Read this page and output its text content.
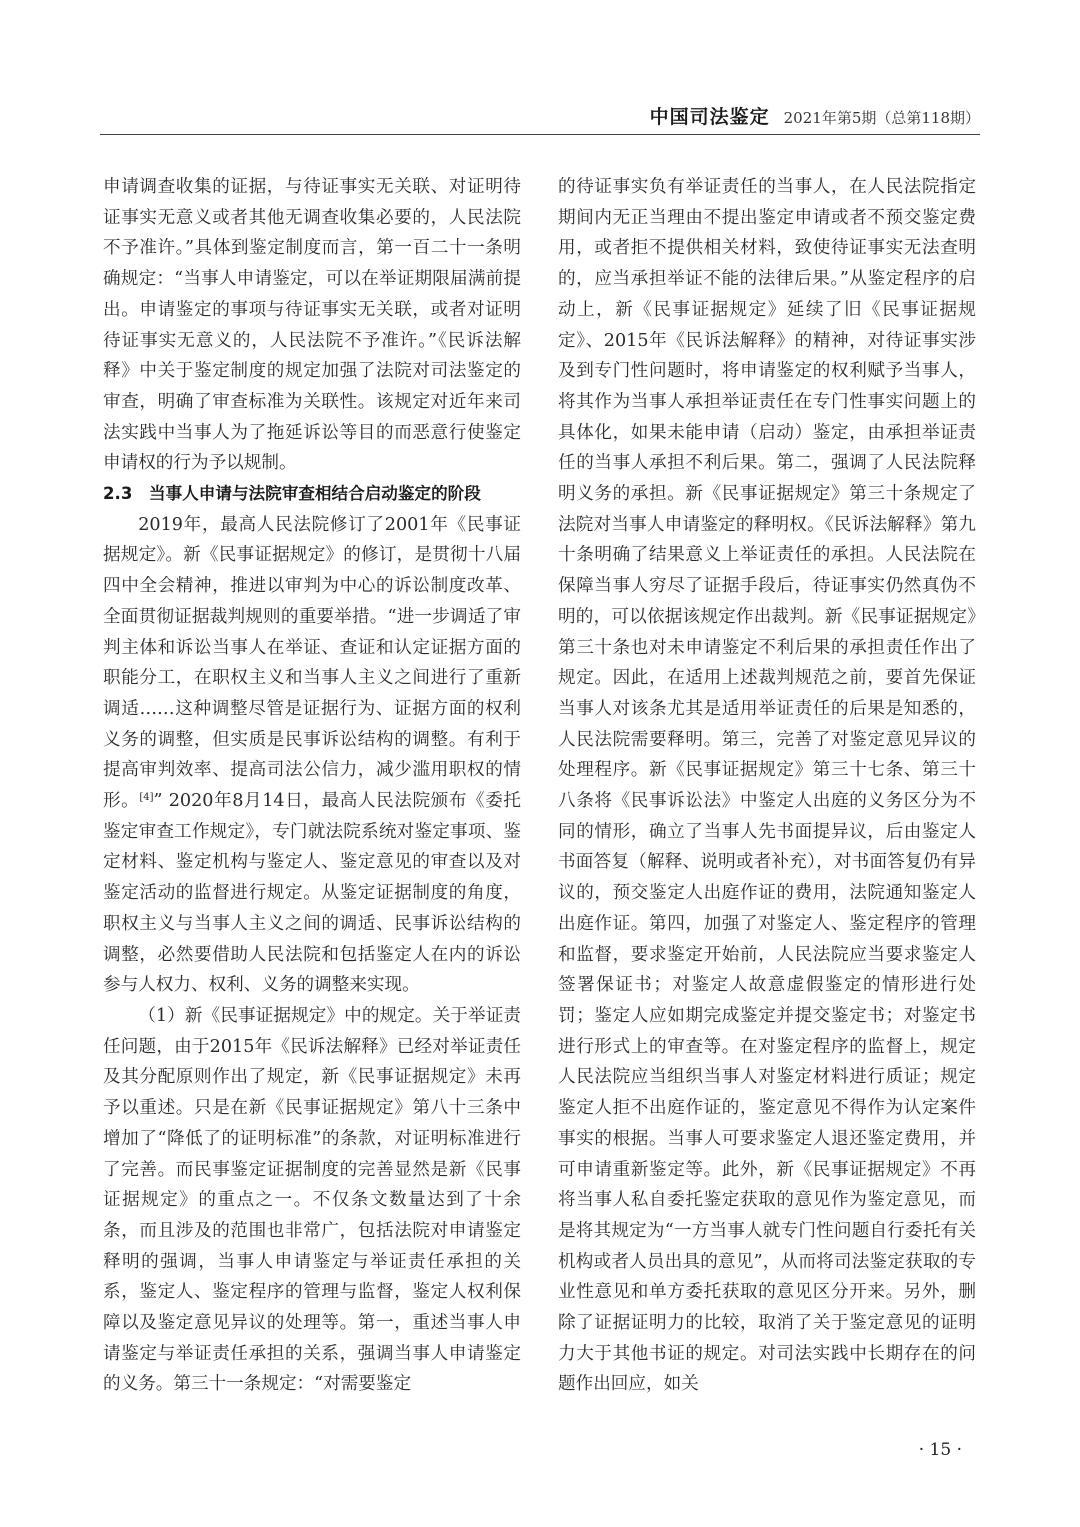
中国司法鉴定 2021年第5期（总第118期）

申请调查收集的证据，与待证事实无关联、对证明待证事实无意义或者其他无调查收集必要的，人民法院不予准许。”具体到鉴定制度而言，第一百二十一条明确规定：“当事人申请鉴定，可以在举证期限届满前提出。申请鉴定的事项与待证事实无关联，或者对证明待证事实无意义的，人民法院不予准许。”《民诉法解释》中关于鉴定制度的规定加强了法院对司法鉴定的审查，明确了审查标准为关联性。该规定对近年来司法实践中当事人为了拖延诉讼等目的而恶意行使鉴定申请权的行为予以规制。

2.3　当事人申请与法院审查相结合启动鉴定的阶段

2019年，最高人民法院修订了2001年《民事证据规定》。新《民事证据规定》的修订，是贯彻十八届四中全会精神，推进以审判为中心的诉讼制度改革、全面贯彻证据裁判规则的重要举措。“进一步调适了审判主体和诉讼当事人在举证、查证和认定证据方面的职能分工，在职权主义和当事人主义之间进行了重新调适……这种调整尽管是证据行为、证据方面的权利义务的调整，但实质是民事诉讼结构的调整。有利于提高审判效率、提高司法公信力，减少滥用职权的情形。[4]” 2020年8月14日，最高人民法院颁布《委托鉴定审查工作规定》，专门就法院系统对鉴定事项、鉴定材料、鉴定机构与鉴定人、鉴定意见的审查以及对鉴定活动的监督进行规定。从鉴定证据制度的角度，职权主义与当事人主义之间的调适、民事诉讼结构的调整，必然要借助人民法院和包括鉴定人在内的诉讼参与人权力、权利、义务的调整来实现。

（1）新《民事证据规定》中的规定。关于举证责任问题，由于2015年《民诉法解释》已经对举证责任及其分配原则作出了规定，新《民事证据规定》未再予以重述。只是在新《民事证据规定》第八十三条中增加了“降低了的证明标准”的条款，对证明标准进行了完善。而民事鉴定证据制度的完善显然是新《民事证据规定》的重点之一。不仅条文数量达到了十余条，而且涉及的范围也非常广，包括法院对申请鉴定释明的强调，当事人申请鉴定与举证责任承担的关系，鉴定人、鉴定程序的管理与监督，鉴定人权利保障以及鉴定意见异议的处理等。第一，重述当事人申请鉴定与举证责任承担的关系，强调当事人申请鉴定的义务。第三十一条规定：“对需要鉴定

的待证事实负有举证责任的当事人，在人民法院指定期间内无正当理由不提出鉴定申请或者不预交鉴定费用，或者拒不提供相关材料，致使待证事实无法查明的，应当承担举证不能的法律后果。”从鉴定程序的启动上，新《民事证据规定》延续了旧《民事证据规定》、2015年《民诉法解释》的精神，对待证事实涉及到专门性问题时，将申请鉴定的权利赋予当事人，将其作为当事人承担举证责任在专门性事实问题上的具体化，如果未能申请（启动）鉴定，由承担举证责任的当事人承担不利后果。第二，强调了人民法院释明义务的承担。新《民事证据规定》第三十条规定了法院对当事人申请鉴定的释明权。《民诉法解释》第九十条明确了结果意义上举证责任的承担。人民法院在保障当事人穷尽了证据手段后，待证事实仍然真伪不明的，可以依据该规定作出裁判。新《民事证据规定》第三十条也对未申请鉴定不利后果的承担责任作出了规定。因此，在适用上述裁判规范之前，要首先保证当事人对该条尤其是适用举证责任的后果是知悉的，人民法院需要释明。第三，完善了对鉴定意见异议的处理程序。新《民事证据规定》第三十七条、第三十八条将《民事诉讼法》中鉴定人出庭的义务区分为不同的情形，确立了当事人先书面提异议，后由鉴定人书面答复（解释、说明或者补充），对书面答复仍有异议的，预交鉴定人出庭作证的费用，法院通知鉴定人出庭作证。第四，加强了对鉴定人、鉴定程序的管理和监督，要求鉴定开始前，人民法院应当要求鉴定人签署保证书；对鉴定人故意虚假鉴定的情形进行处罚；鉴定人应如期完成鉴定并提交鉴定书；对鉴定书进行形式上的审查等。在对鉴定程序的监督上，规定人民法院应当组织当事人对鉴定材料进行质证；规定鉴定人拒不出庭作证的，鉴定意见不得作为认定案件事实的根据。当事人可要求鉴定人退还鉴定费用，并可申请重新鉴定等。此外，新《民事证据规定》不再将当事人私自委托鉴定获取的意见作为鉴定意见，而是将其规定为“一方当事人就专门性问题自行委托有关机构或者人员出具的意见”，从而将司法鉴定获取的专业性意见和单方委托获取的意见区分开来。另外，删除了证据证明力的比较，取消了关于鉴定意见的证明力大于其他书证的规定。对司法实践中长期存在的问题作出回应，如关

· 15 ·
